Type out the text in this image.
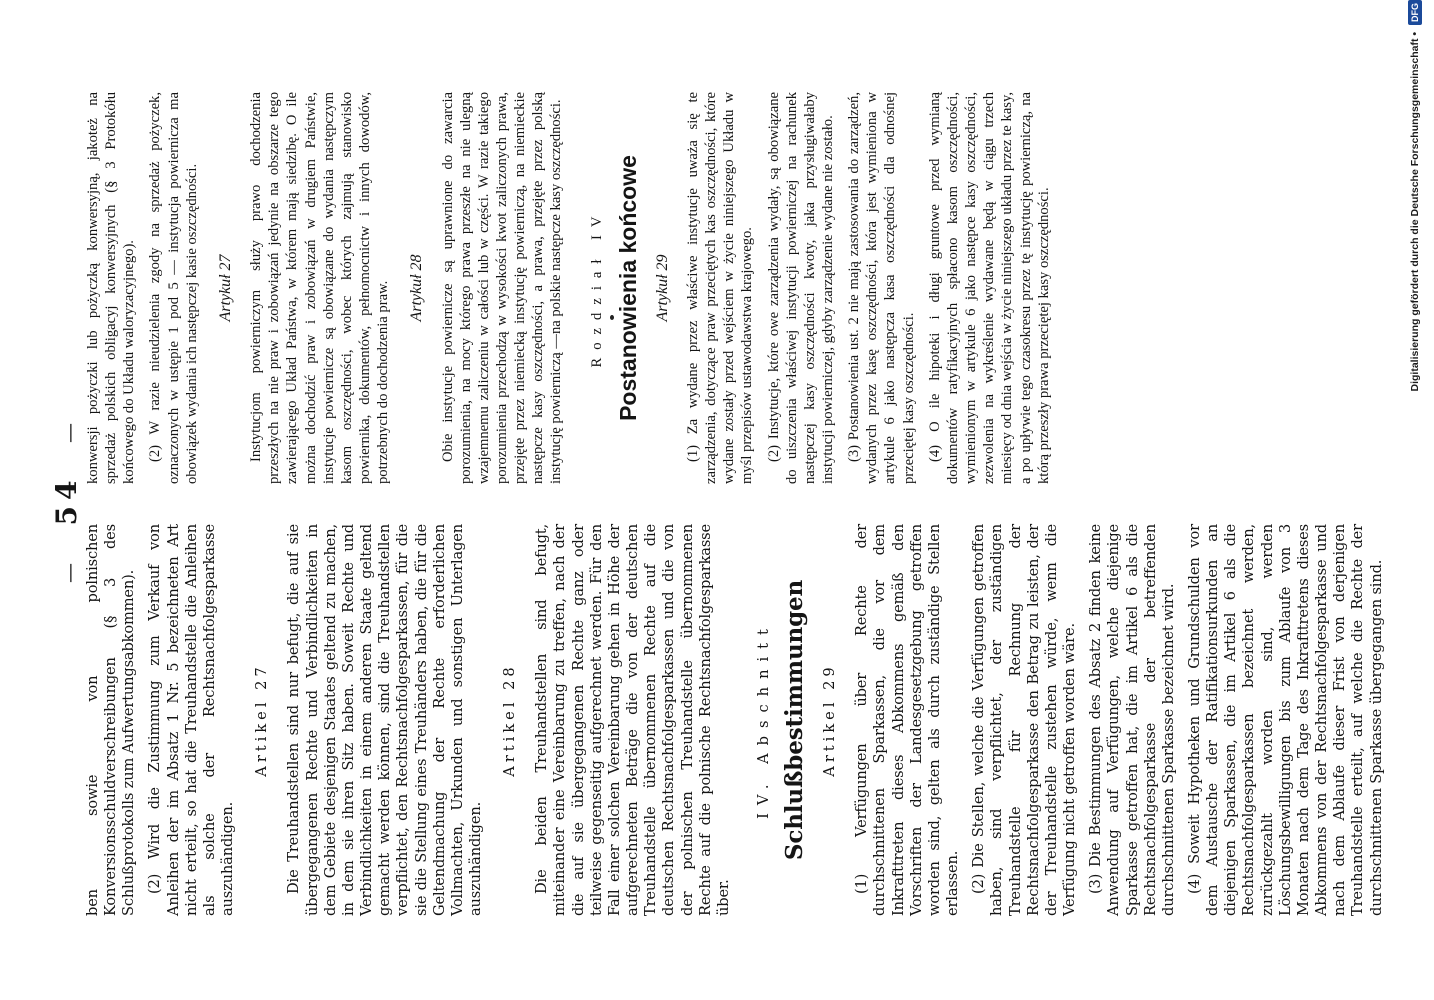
—  54  —

ben sowie von polnischen Konversionsschuldverschreibungen (§ 3 des Schlußprotokolls zum Aufwertungsabkommen). (2) Wird die Zustimmung zum Verkauf von Anleihen der im Absatz 1 Nr. 5 bezeichneten Art nicht erteilt, so hat die Treuhandstelle die Anleihen als solche der Rechtsnachfolgesparkasse auszuhändigen.

Artikel 27 Die Treuhandstellen sind nur befugt, die auf sie übergegangenen Rechte und Verbindlichkeiten in dem Gebiete desjenigen Staates geltend zu machen, in dem sie ihren Sitz haben. Soweit Rechte und Verbindlichkeiten in einem anderen Staate geltend gemacht werden können, sind die Treuhandstellen verpflichtet, den Rechtsnachfolgesparkassen, für die sie die Stellung eines Treuhänders haben, die für die Geltendmachung der Rechte erforderlichen Vollmachten, Urkunden und sonstigen Unterlagen auszuhändigen.

Artikel 28 Die beiden Treuhandstellen sind befugt, miteinander eine Vereinbarung zu treffen, nach der die auf sie übergegangenen Rechte ganz oder teilweise gegenseitig aufgerechnet werden. Für den Fall einer solchen Vereinbarung gehen in Höhe der aufgerechneten Beträge die von der deutschen Treuhandstelle übernommenen Rechte auf die deutschen Rechtsnachfolgesparkassen und die von der polnischen Treuhandstelle übernommenen Rechte auf die polnische Rechtsnachfolgesparkasse über.

IV. Abschnitt Schlußbestimmungen Artikel 29 (1) Verfügungen über Rechte der durchschnittenen Sparkassen, die vor dem Inkrafttreten dieses Abkommens gemäß den Vorschriften der Landesgesetzgebung getroffen worden sind, gelten als durch zuständige Stellen erlassen. (2) Die Stellen, welche die Verfügungen getroffen haben, sind verpflichtet, der zuständigen Treuhandstelle für Rechnung der Rechtsnachfolgesparkasse den Betrag zu leisten, der der Treuhandstelle zustehen würde, wenn die Verfügung nicht getroffen worden wäre. (3) Die Bestimmungen des Absatz 2 finden keine Anwendung auf Verfügungen, welche diejenige Sparkasse getroffen hat, die im Artikel 6 als die Rechtsnachfolgesparkasse der betreffenden durchschnittenen Sparkasse bezeichnet wird. (4) Soweit Hypotheken und Grundschulden vor dem Austausche der Ratifikationsurkunden an diejenigen Sparkassen, die im Artikel 6 als die Rechtsnachfolgesparkassen bezeichnet werden, zurückgezahlt worden sind, werden Löschungsbewilligungen bis zum Ablaufe von 3 Monaten nach dem Tage des Inkrafttretens dieses Abkommens von der Rechtsnachfolgesparkasse und nach dem Ablaufe dieser Frist von derjenigen Treuhandstelle erteilt, auf welche die Rechte der durchschnittenen Sparkasse übergegangen sind.

konwersji pożyczki lub pożyczką konwersyjną, jakoteż na sprzedaż polskich obligacyj konwersyjnych (§ 3 Protokółu końcowego do Układu waloryzacyjnego). (2) W razie nieudzielenia zgody na sprzedaż pożyczek, oznaczonych w ustępie 1 pod 5 — instytucja powiernicza ma obowiązek wydania ich następczej kasie oszczędności. Artykuł 27 Instytucjom powierniczym służy prawo dochodzenia przeszłych na nie praw i zobowiązań jedynie na obszarze tego zawierającego Układ Państwa, w którem mają siedzibę. O ile można dochodzić praw i zobowiązań w drugiem Państwie, instytucje powiernicze są obowiązane do wydania następczym kasom oszczędności, wobec których zajmują stanowisko powiernika, dokumentów, pełnomocnictw i innych dowodów, potrzebnych do dochodzenia praw. Artykuł 28 Obie instytucje powiernicze są uprawnione do zawarcia porozumienia, na mocy którego prawa przeszłe na nie ulegną wzajemnemu zaliczeniu w całości lub w części. W razie takiego porozumienia przechodzą w wysokości kwot zaliczonych prawa, przejęte przez niemiecką instytucję powierniczą, na niemieckie następcze kasy oszczędności, a prawa, przejęte przez polską instytucję powierniczą —na polskie następcze kasy oszczędności. Rozdział IV Postanowienia końcowe Artykuł 29 (1) Za wydane przez właściwe instytucje uważa się te zarządzenia, dotyczące praw przeciętych kas oszczędności, które wydane zostały przed wejściem w życie niniejszego Układu w myśl przepisów ustawodawstwa krajowego. (2) Instytucje, które owe zarządzenia wydały, są obowiązane do uiszczenia właściwej instytucji powierniczej na rachunek następczej kasy oszczędności kwoty, jaka przysługiwałaby instytucji powierniczej, gdyby zarządzenie wydane nie zostało. (3) Postanowienia ust. 2 nie mają zastosowania do zarządzeń, wydanych przez kasę oszczędności, która jest wymieniona w artykule 6 jako następcza kasa oszczędności dla odnośnej przeciętej kasy oszczędności. (4) O ile hipoteki i długi gruntowe przed wymianą dokumentów ratyfikacyjnych spłacono kasom oszczędności, wymienionym w artykule 6 jako następce kasy oszczędności, zezwolenia na wykreślenie wydawane będą w ciągu trzech miesięcy od dnia wejścia w życie niniejszego układu przez te kasy, a po upływie tego czasokresu przez tę instytucję powierniczą, na którą przeszły prawa przeciętej kasy oszczędności.	Digitalisierung gefördert durch die Deutsche Forschungsgemeinschaft • DFG
